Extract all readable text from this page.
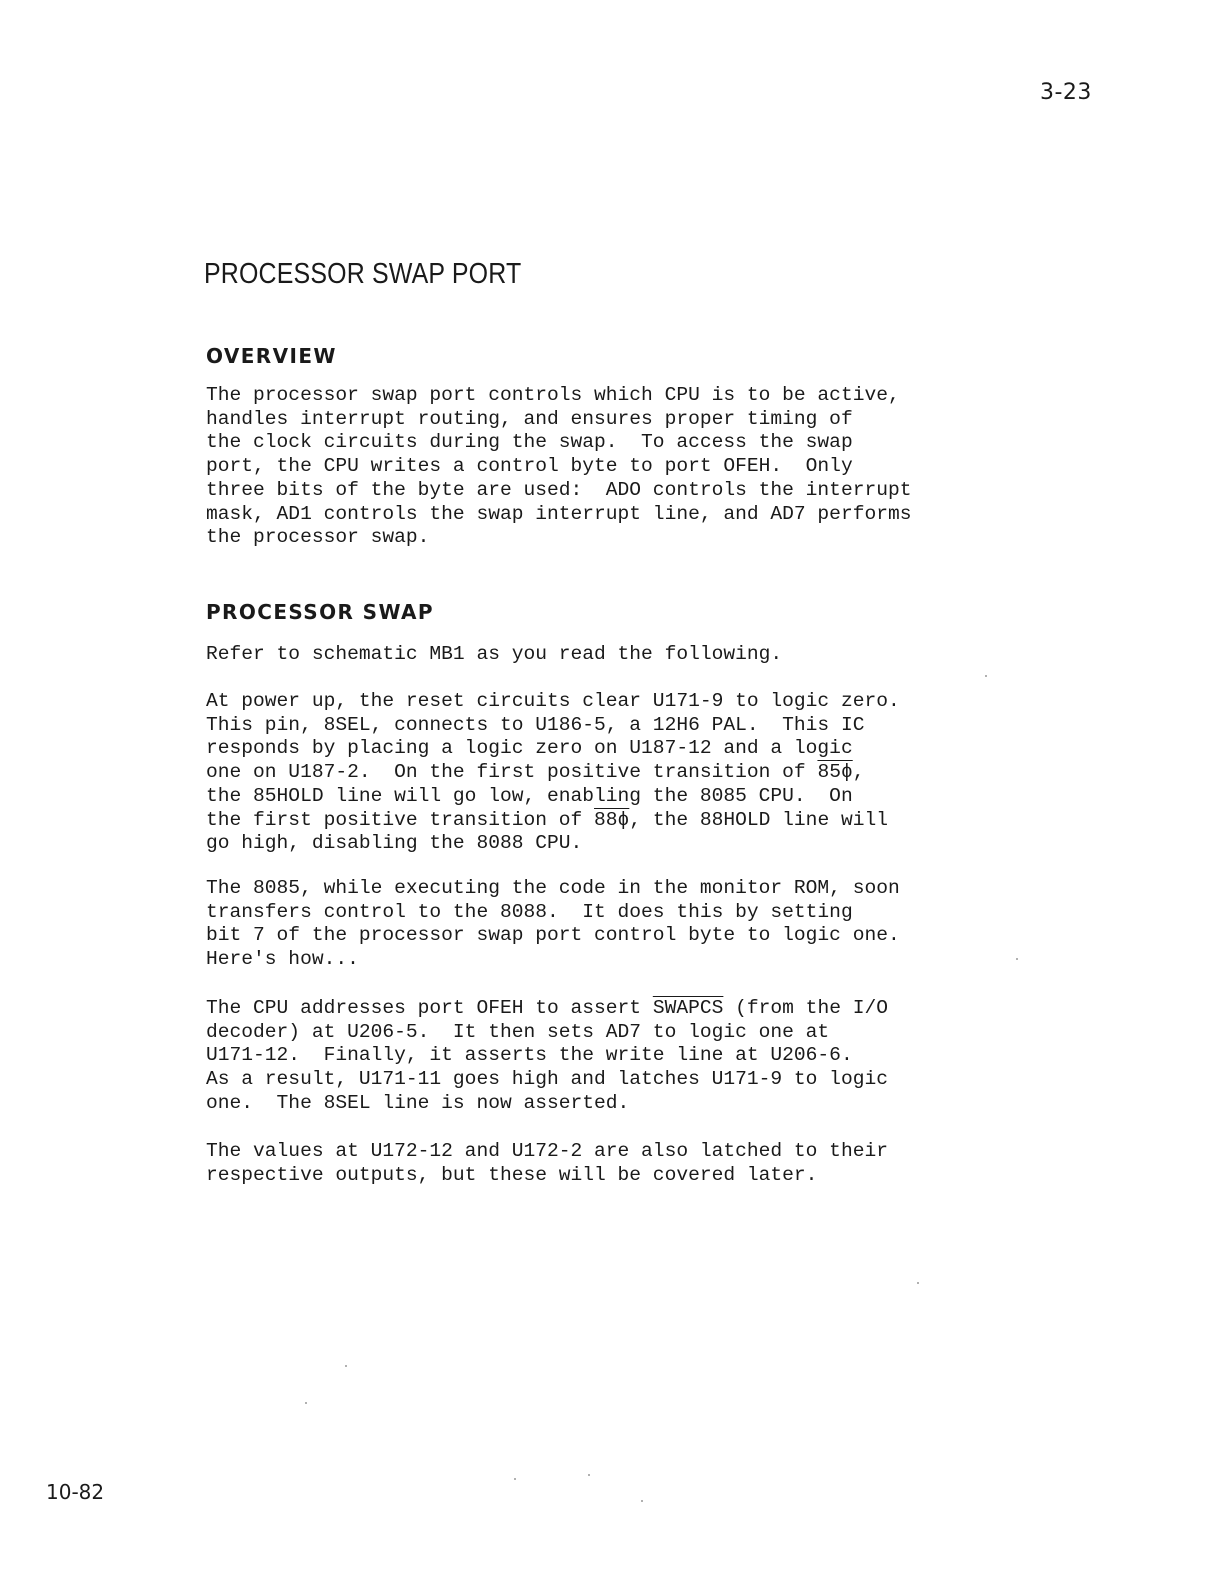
3-23
PROCESSOR SWAP PORT
OVERVIEW
The processor swap port controls which CPU is to be active,
handles interrupt routing, and ensures proper timing of
the clock circuits during the swap.  To access the swap
port, the CPU writes a control byte to port OFEH.  Only
three bits of the byte are used:  ADO controls the interrupt
mask, AD1 controls the swap interrupt line, and AD7 performs
the processor swap.
PROCESSOR SWAP
Refer to schematic MB1 as you read the following.
At power up, the reset circuits clear U171-9 to logic zero.
This pin, 8SEL, connects to U186-5, a 12H6 PAL.  This IC
responds by placing a logic zero on U187-12 and a logic
one on U187-2.  On the first positive transition of 85ɸ,
the 85HOLD line will go low, enabling the 8085 CPU.  On
the first positive transition of 88ɸ, the 88HOLD line will
go high, disabling the 8088 CPU.
The 8085, while executing the code in the monitor ROM, soon
transfers control to the 8088.  It does this by setting
bit 7 of the processor swap port control byte to logic one.
Here's how...
The CPU addresses port OFEH to assert SWAPCS (from the I/O
decoder) at U206-5.  It then sets AD7 to logic one at
U171-12.  Finally, it asserts the write line at U206-6.
As a result, U171-11 goes high and latches U171-9 to logic
one.  The 8SEL line is now asserted.
The values at U172-12 and U172-2 are also latched to their
respective outputs, but these will be covered later.
10-82
